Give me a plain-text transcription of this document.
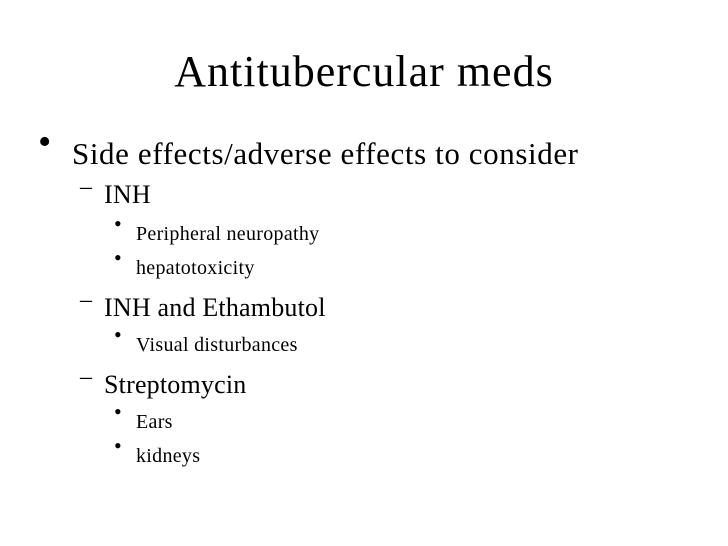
Antitubercular meds
• Side effects/adverse effects to consider
– INH
• Peripheral neuropathy
• hepatotoxicity
– INH and Ethambutol
• Visual disturbances
– Streptomycin
• Ears
• kidneys
